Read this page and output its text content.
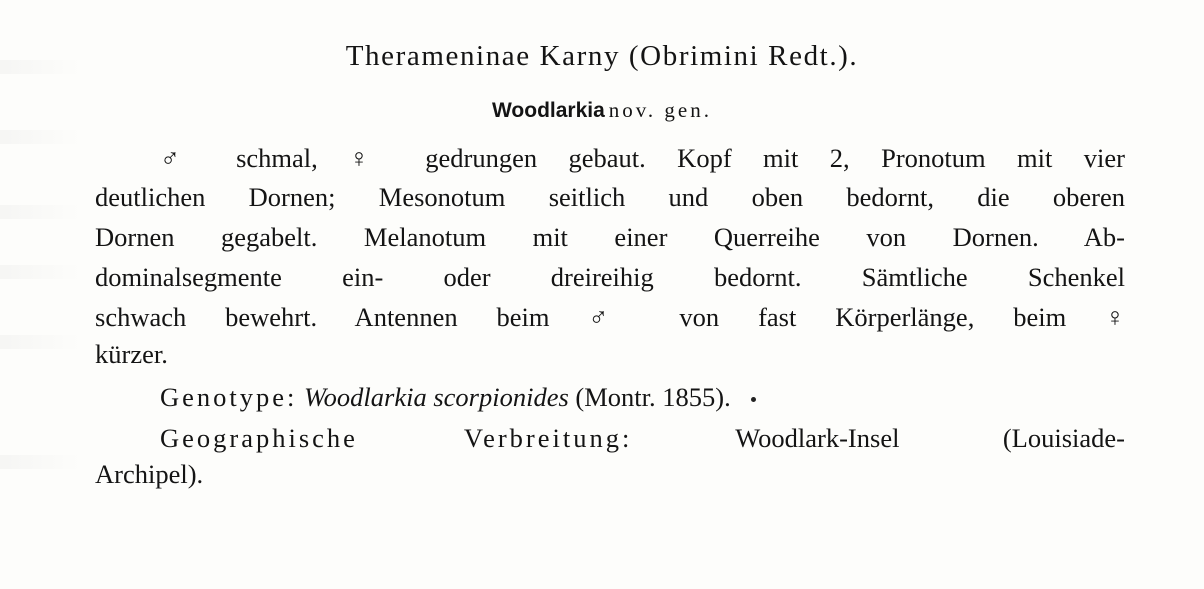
Therameninae Karny (Obrimini Redt.).
Woodlarkia nov. gen.
♂ schmal, ♀ gedrungen gebaut. Kopf mit 2, Pronotum mit vier
deutlichen Dornen; Mesonotum seitlich und oben bedornt, die oberen
Dornen gegabelt. Melanotum mit einer Querreihe von Dornen. Ab-
dominalsegmente ein- oder dreireihig bedornt. Sämtliche Schenkel
schwach bewehrt. Antennen beim ♂ von fast Körperlänge, beim ♀
kürzer.
Genotype: Woodlarkia scorpionides (Montr. 1855).
Geographische Verbreitung:	Woodlark-Insel (Louisiade-
Archipel).
